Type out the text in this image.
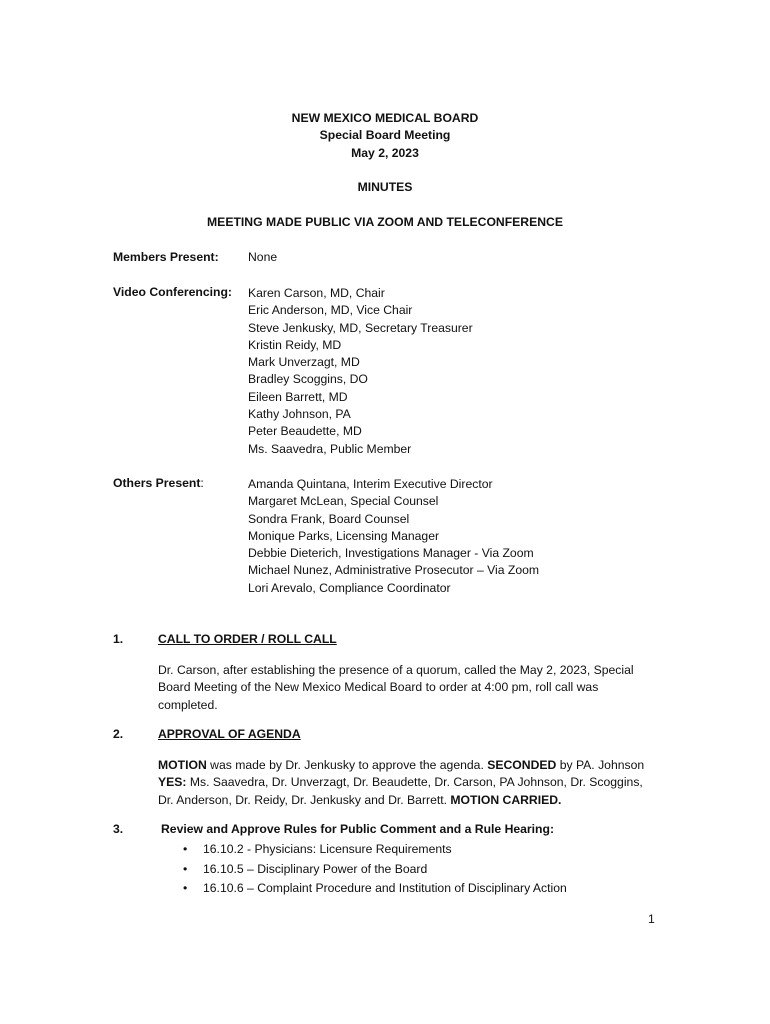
NEW MEXICO MEDICAL BOARD
Special Board Meeting
May 2, 2023
MINUTES
MEETING MADE PUBLIC VIA ZOOM AND TELECONFERENCE
Members Present: None
Video Conferencing: Karen Carson, MD, Chair
Eric Anderson, MD, Vice Chair
Steve Jenkusky, MD, Secretary Treasurer
Kristin Reidy, MD
Mark Unverzagt, MD
Bradley Scoggins, DO
Eileen Barrett, MD
Kathy Johnson, PA
Peter Beaudette, MD
Ms. Saavedra, Public Member
Others Present:	Amanda Quintana, Interim Executive Director
Margaret McLean, Special Counsel
Sondra Frank, Board Counsel
Monique Parks, Licensing Manager
Debbie Dieterich, Investigations Manager - Via Zoom
Michael Nunez, Administrative Prosecutor – Via Zoom
Lori Arevalo, Compliance Coordinator
1.	CALL TO ORDER / ROLL CALL
Dr. Carson, after establishing the presence of a quorum, called the May 2, 2023, Special Board Meeting of the New Mexico Medical Board to order at 4:00 pm, roll call was completed.
2.	APPROVAL OF AGENDA
MOTION was made by Dr. Jenkusky to approve the agenda. SECONDED by PA. Johnson
YES: Ms. Saavedra, Dr. Unverzagt, Dr. Beaudette, Dr. Carson, PA Johnson, Dr. Scoggins, Dr. Anderson, Dr. Reidy, Dr. Jenkusky and Dr. Barrett. MOTION CARRIED.
3.	Review and Approve Rules for Public Comment and a Rule Hearing:
• 16.10.2 - Physicians: Licensure Requirements
• 16.10.5 – Disciplinary Power of the Board
• 16.10.6 – Complaint Procedure and Institution of Disciplinary Action
1
